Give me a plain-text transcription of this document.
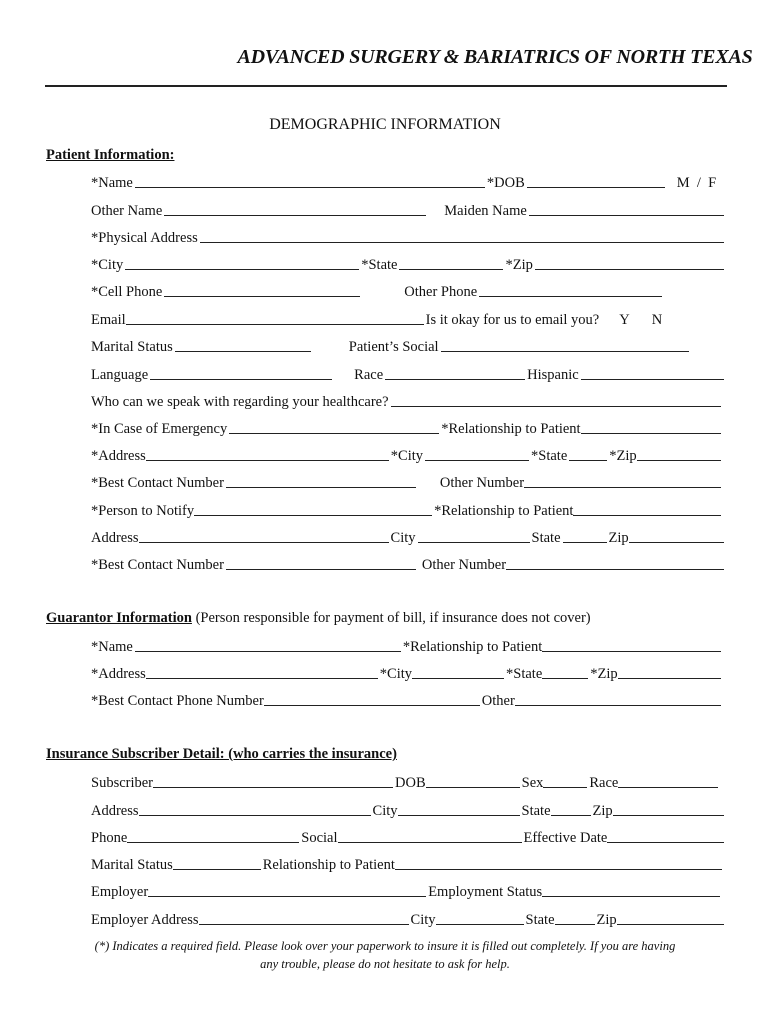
ADVANCED SURGERY & BARIATRICS OF NORTH TEXAS
DEMOGRAPHIC INFORMATION
Patient Information:
*Name	*DOB	M  /  F
Other Name	Maiden Name
*Physical Address
*City	*State	*Zip
*Cell Phone	Other Phone
Email	Is it okay for us to email you? Y N
Marital Status	Patient’s Social
Language	Race	Hispanic
Who can we speak with regarding your healthcare?
*In Case of Emergency	*Relationship to Patient
*Address	*City	*State	*Zip
*Best Contact Number	Other Number
*Person to Notify	*Relationship to Patient
Address	City	State	Zip
*Best Contact Number	Other Number
Guarantor Information (Person responsible for payment of bill, if insurance does not cover)
*Name	*Relationship to Patient
*Address	*City	*State	*Zip
*Best Contact Phone Number	Other
Insurance Subscriber Detail: (who carries the insurance)
Subscriber	DOB	Sex	Race
Address	City	State	Zip
Phone	Social	Effective Date
Marital Status	Relationship to Patient
Employer	Employment Status
Employer Address	City	State	Zip
(*) Indicates a required field. Please look over your paperwork to insure it is filled out completely. If you are having
any trouble, please do not hesitate to ask for help.
